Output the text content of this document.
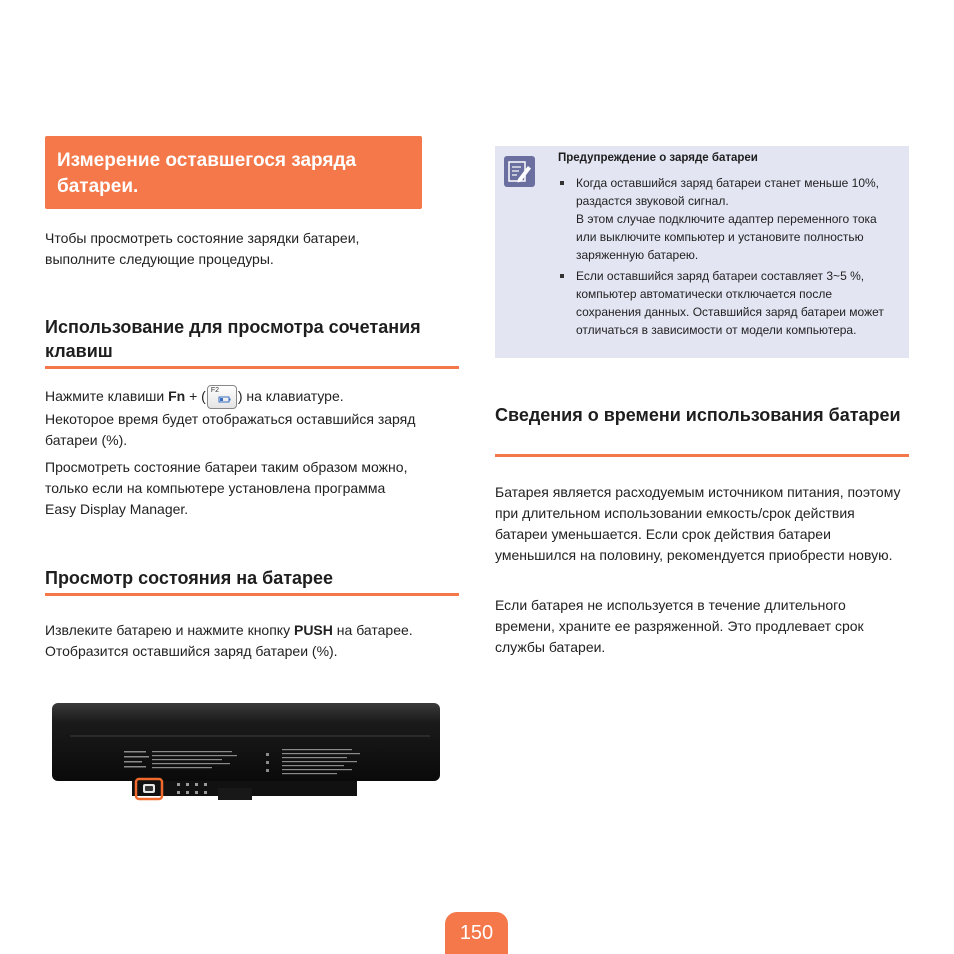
Измерение оставшегося заряда батареи.

Чтобы просмотреть состояние зарядки батареи, выполните следующие процедуры.

Использование для просмотра сочетания клавиш
Нажмите клавиши Fn + ( F2 ) на клавиатуре.
Некоторое время будет отображаться оставшийся заряд батареи (%).

Просмотреть состояние батареи таким образом можно, только если на компьютере установлена программа Easy Display Manager.

Просмотр состояния на батарее

Извлеките батарею и нажмите кнопку PUSH на батарее. Отобразится оставшийся заряд батареи (%).

Предупреждение о заряде батареи
Когда оставшийся заряд батареи станет меньше 10%, раздастся звуковой сигнал.
В этом случае подключите адаптер переменного тока или выключите компьютер и установите полностью заряженную батарею.
Если оставшийся заряд батареи составляет 3~5 %, компьютер автоматически отключается после сохранения данных. Оставшийся заряд батареи может отличаться в зависимости от модели компьютера.
Сведения о времени использования батареи

Батарея является расходуемым источником питания, поэтому при длительном использовании емкость/срок действия батареи уменьшается. Если срок действия батареи уменьшился на половину, рекомендуется приобрести новую.

Если батарея не используется в течение длительного времени, храните ее разряженной. Это продлевает срок службы батареи.

150
